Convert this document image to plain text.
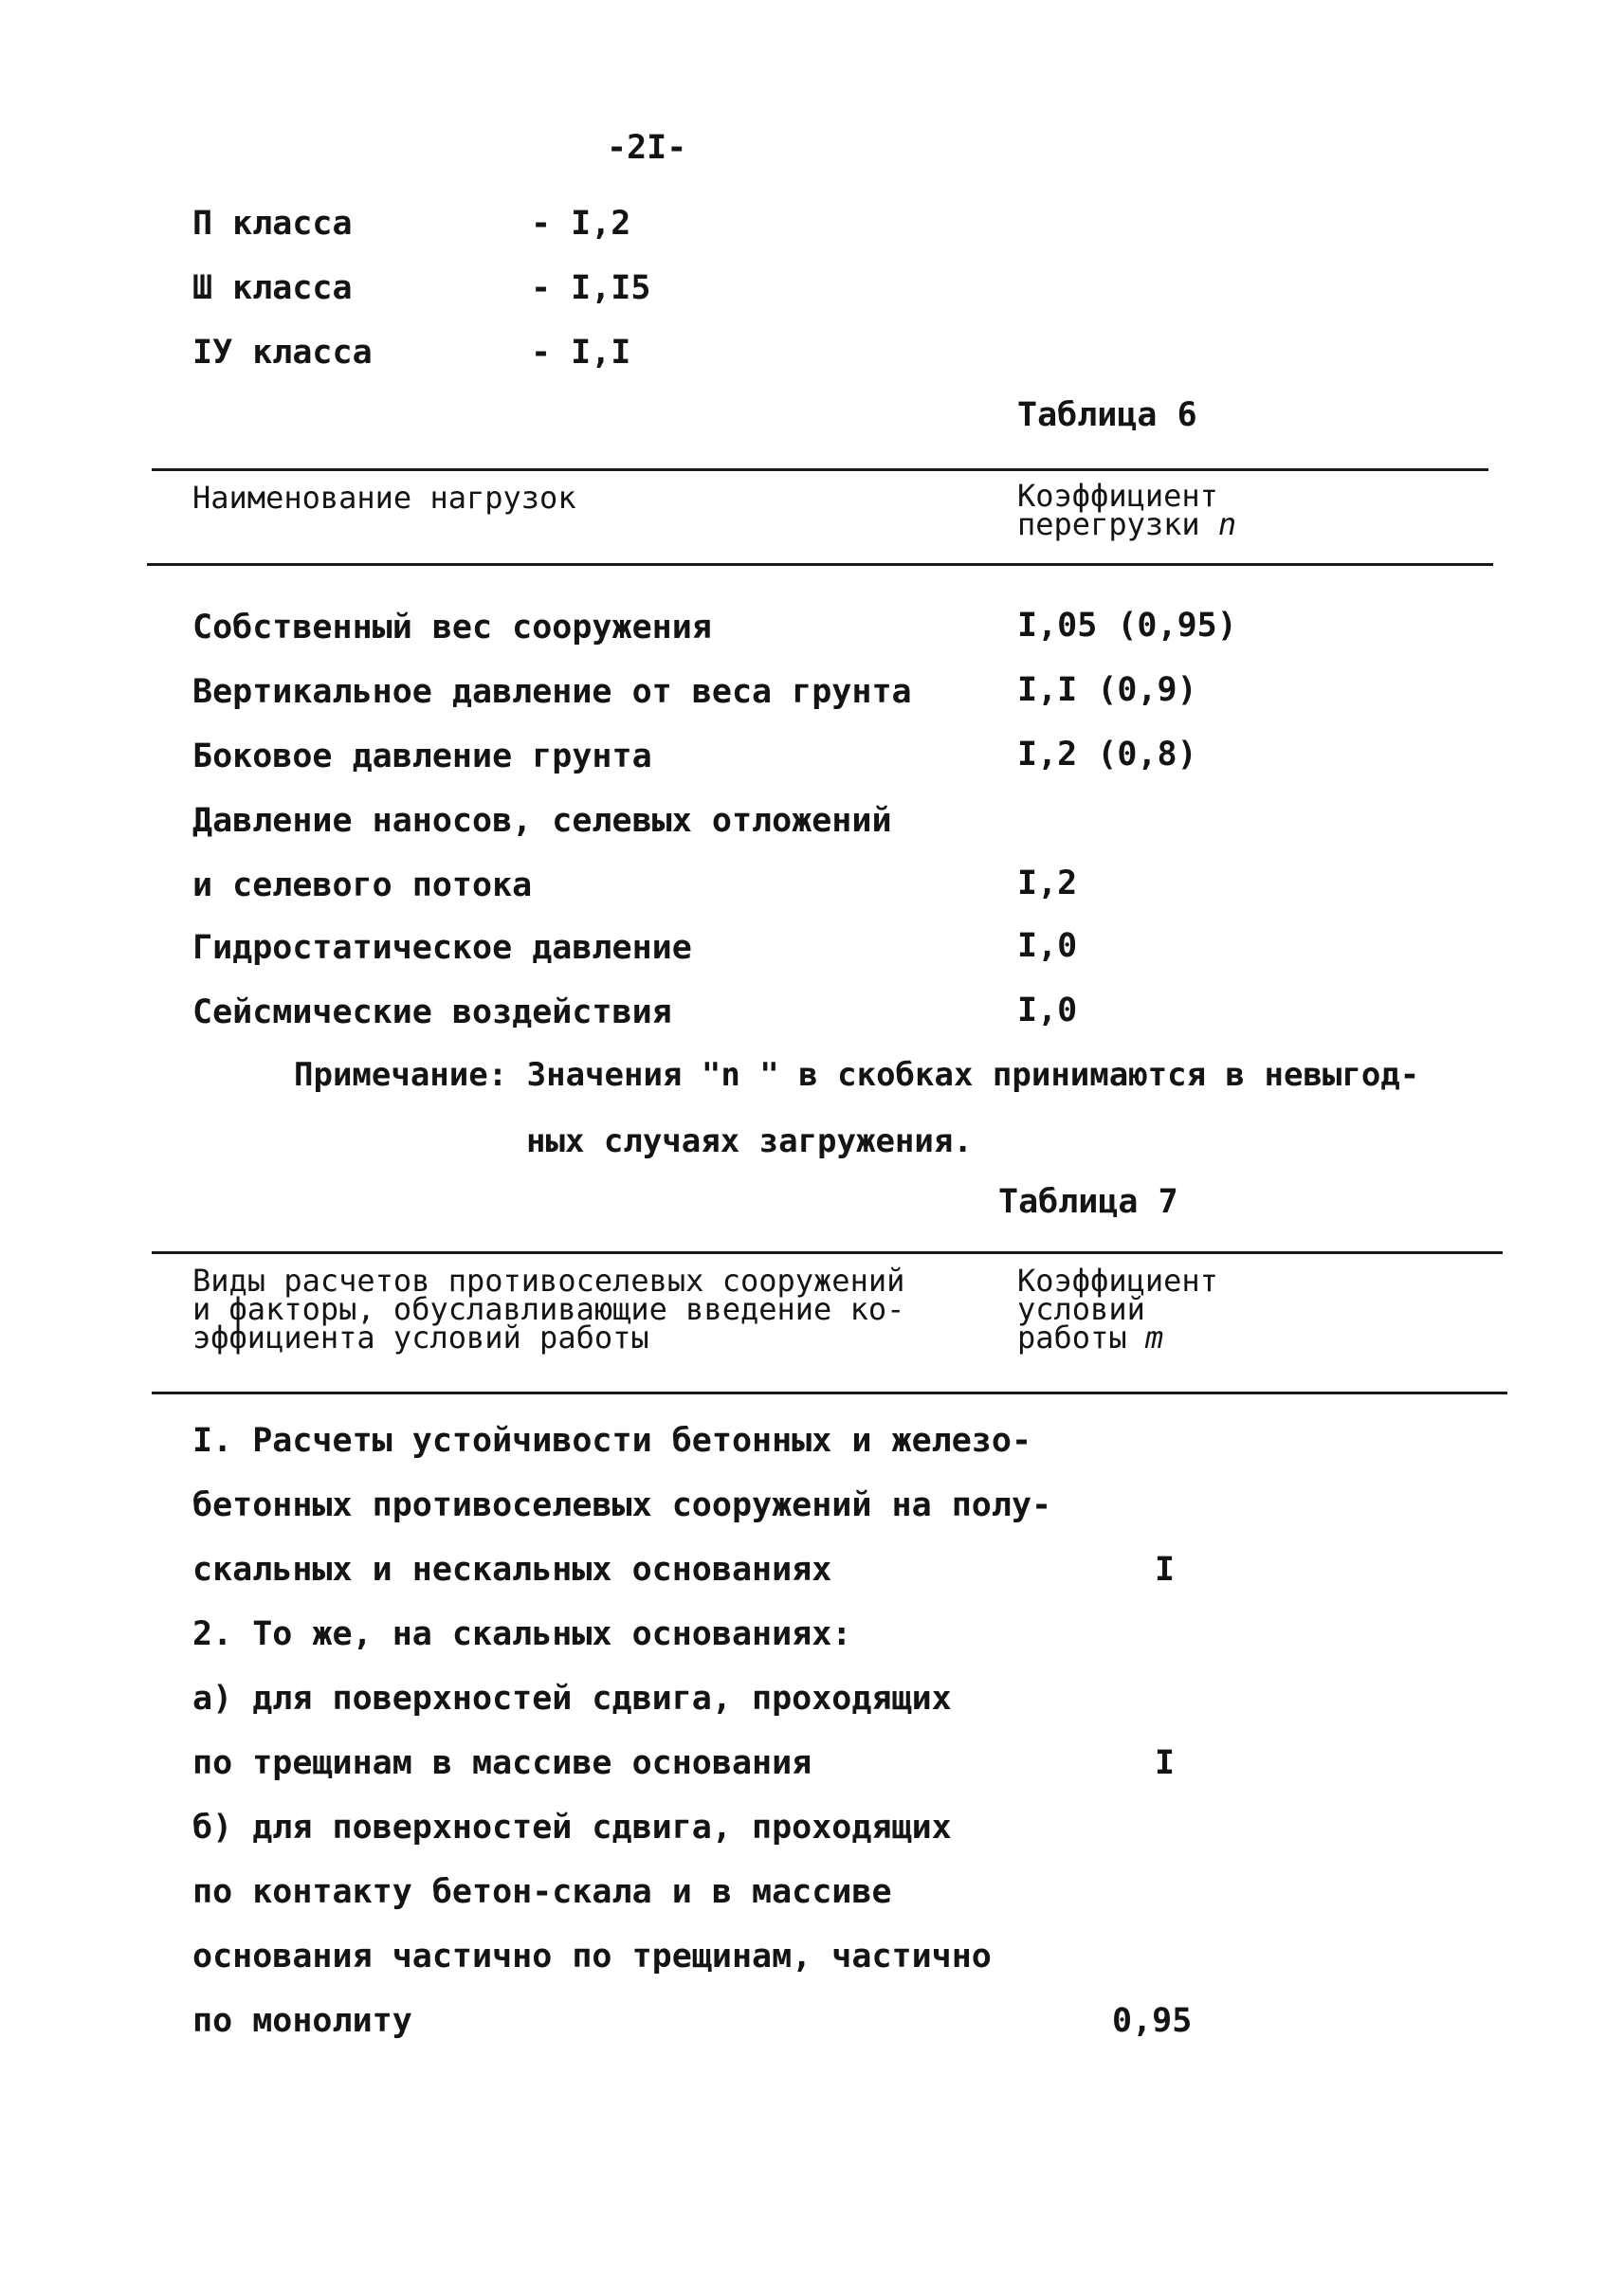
-2I-
П класса	- I,2
Ш класса	- I,I5
IУ класса	- I,I
Таблица 6
Наименование нагрузок	Коэффициент
перегрузки n
Собственный вес сооружения	I,05 (0,95)
Вертикальное давление от веса грунта	I,I (0,9)
Боковое давление грунта	I,2 (0,8)
Давление наносов, селевых отложений
и селевого потока	I,2
Гидростатическое давление	I,0
Сейсмические воздействия	I,0
Примечание: Значения "n " в скобках принимаются в невыгод-
ных случаях загружения.
Таблица 7
Виды расчетов противоселевых сооружений
и факторы, обуславливающие введение ко-
эффициента условий работы
Коэффициент
условий
работы m
I. Расчеты устойчивости бетонных и железо-
бетонных противоселевых сооружений на полу-
скальных и нескальных основаниях	I
2. То же, на скальных основаниях:
а) для поверхностей сдвига, проходящих
по трещинам в массиве основания	I
б) для поверхностей сдвига, проходящих
по контакту бетон-скала и в массиве
основания частично по трещинам, частично
по монолиту	0,95
